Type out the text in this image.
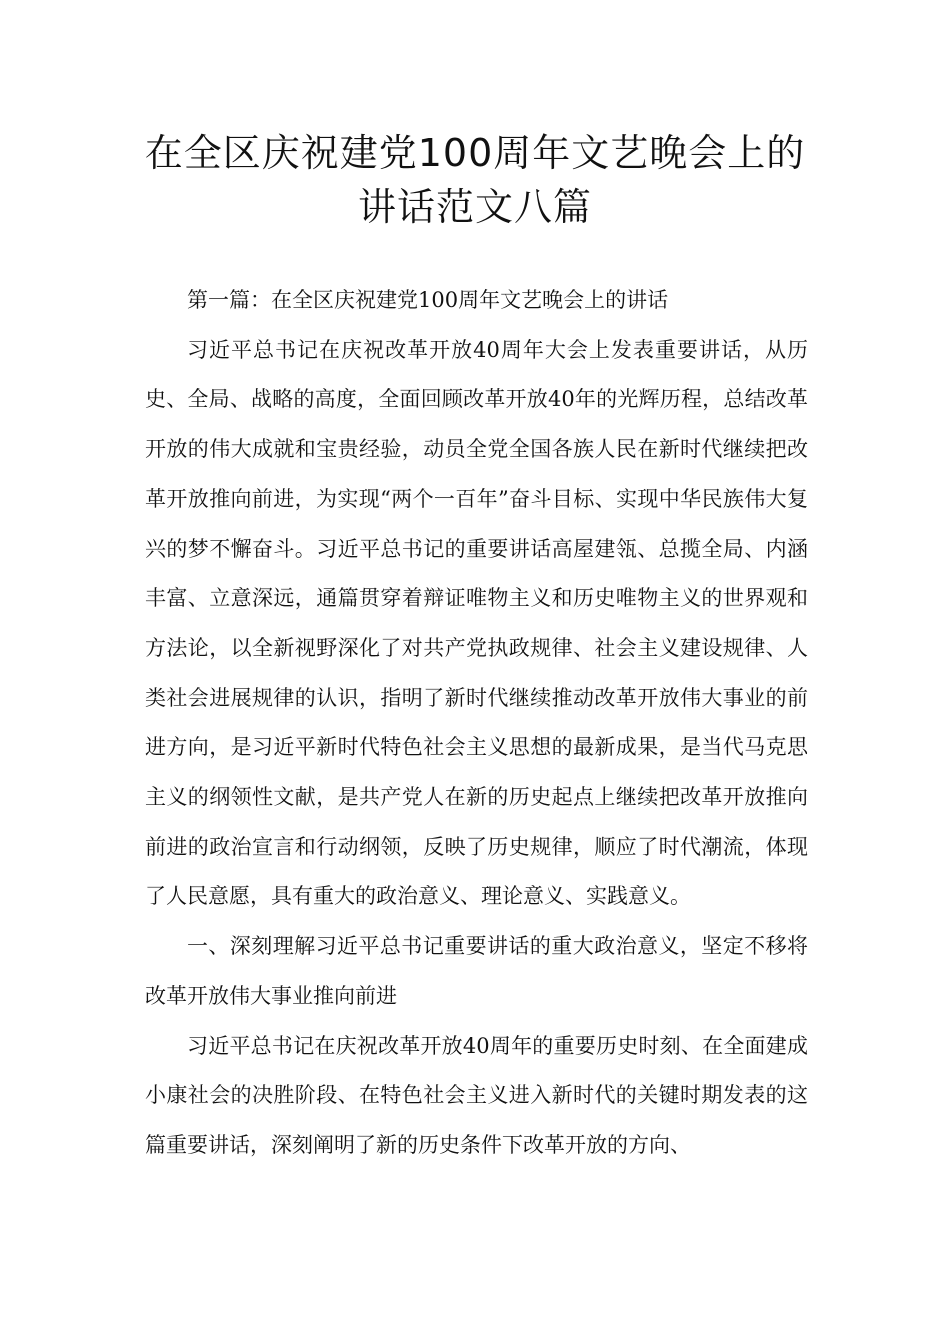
在全区庆祝建党100周年文艺晚会上的
讲话范文八篇

第一篇：在全区庆祝建党100周年文艺晚会上的讲话

习近平总书记在庆祝改革开放40周年大会上发表重要讲话，从历史、全局、战略的高度，全面回顾改革开放40年的光辉历程，总结改革开放的伟大成就和宝贵经验，动员全党全国各族人民在新时代继续把改革开放推向前进，为实现“两个一百年”奋斗目标、实现中华民族伟大复兴的梦不懈奋斗。习近平总书记的重要讲话高屋建瓴、总揽全局、内涵丰富、立意深远，通篇贯穿着辩证唯物主义和历史唯物主义的世界观和方法论，以全新视野深化了对共产党执政规律、社会主义建设规律、人类社会进展规律的认识，指明了新时代继续推动改革开放伟大事业的前进方向，是习近平新时代特色社会主义思想的最新成果，是当代马克思主义的纲领性文献，是共产党人在新的历史起点上继续把改革开放推向前进的政治宣言和行动纲领，反映了历史规律，顺应了时代潮流，体现了人民意愿，具有重大的政治意义、理论意义、实践意义。

一、深刻理解习近平总书记重要讲话的重大政治意义，坚定不移将改革开放伟大事业推向前进

习近平总书记在庆祝改革开放40周年的重要历史时刻、在全面建成小康社会的决胜阶段、在特色社会主义进入新时代的关键时期发表的这篇重要讲话，深刻阐明了新的历史条件下改革开放的方向、
